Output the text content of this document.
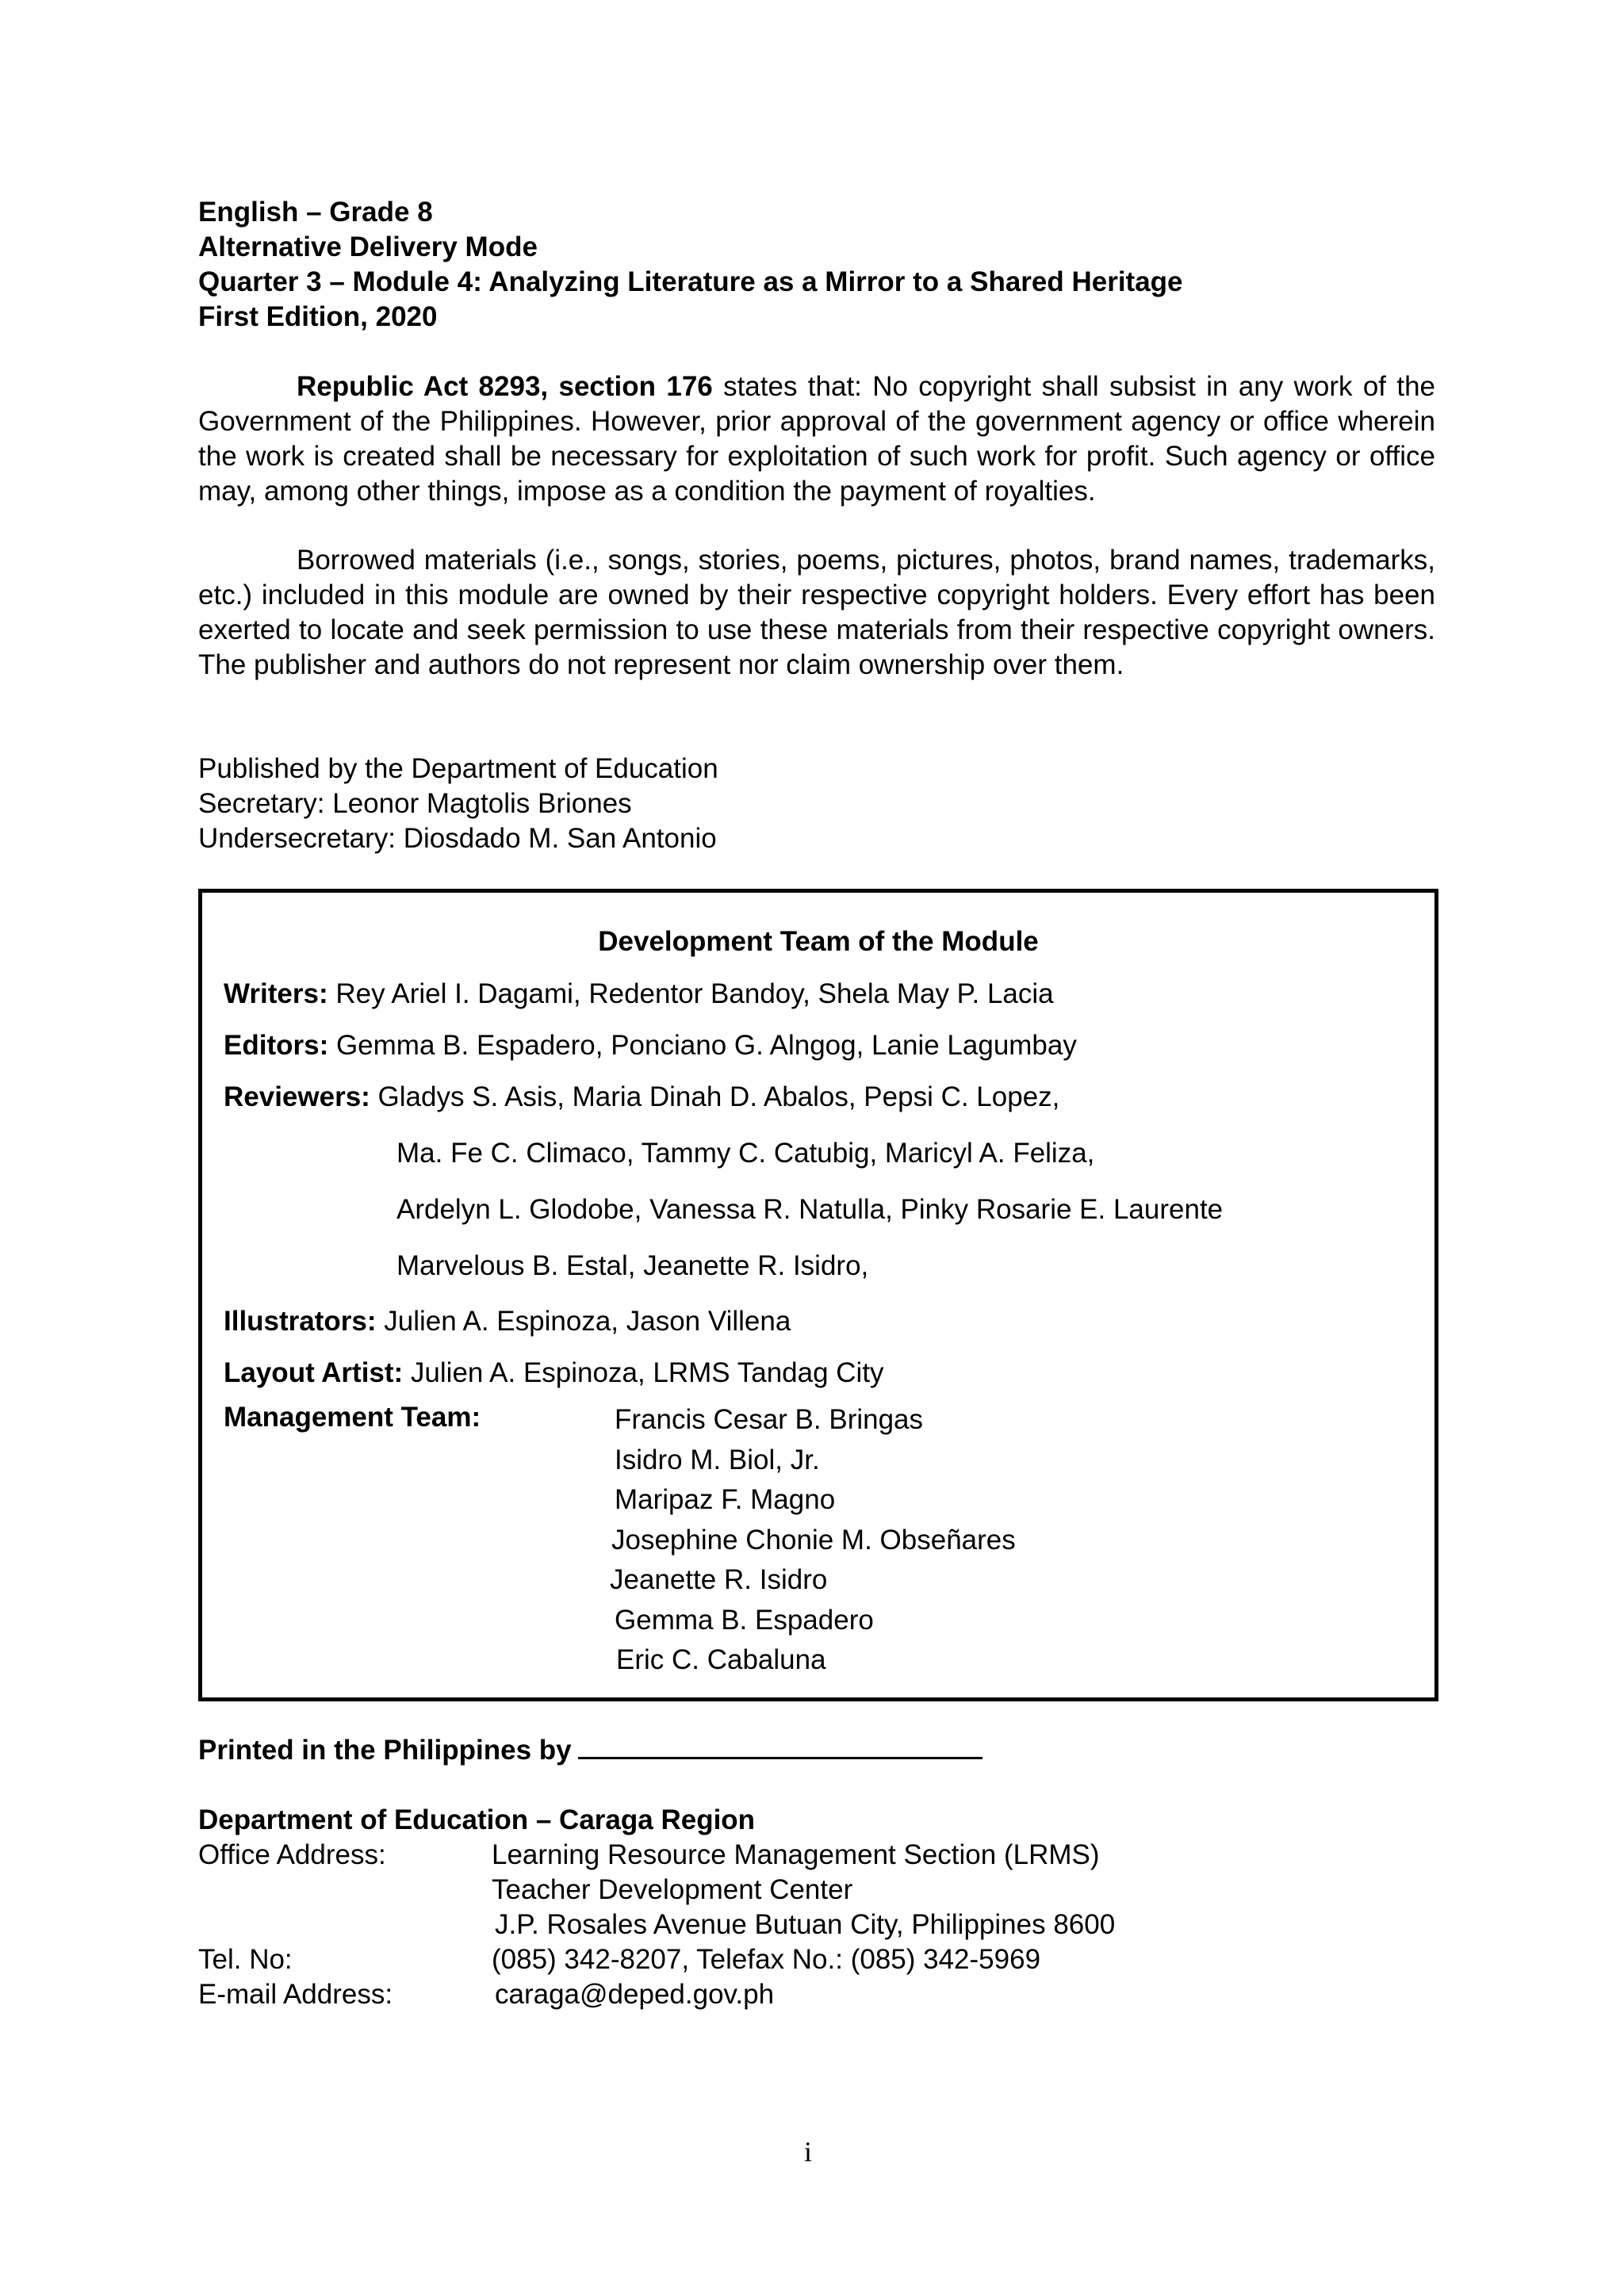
English – Grade 8
Alternative Delivery Mode
Quarter 3 – Module 4: Analyzing Literature as a Mirror to a Shared Heritage
First Edition, 2020
Republic Act 8293, section 176 states that: No copyright shall subsist in any work of the Government of the Philippines. However, prior approval of the government agency or office wherein the work is created shall be necessary for exploitation of such work for profit. Such agency or office may, among other things, impose as a condition the payment of royalties.
Borrowed materials (i.e., songs, stories, poems, pictures, photos, brand names, trademarks, etc.) included in this module are owned by their respective copyright holders. Every effort has been exerted to locate and seek permission to use these materials from their respective copyright owners. The publisher and authors do not represent nor claim ownership over them.
Published by the Department of Education
Secretary: Leonor Magtolis Briones
Undersecretary: Diosdado M. San Antonio
Development Team of the Module
Writers: Rey Ariel I. Dagami, Redentor Bandoy, Shela May P. Lacia
Editors: Gemma B. Espadero, Ponciano G. Alngog, Lanie Lagumbay
Reviewers: Gladys S. Asis, Maria Dinah D. Abalos, Pepsi C. Lopez,
Ma. Fe C. Climaco, Tammy C. Catubig, Maricyl A. Feliza,
Ardelyn L. Glodobe, Vanessa R. Natulla, Pinky Rosarie E. Laurente
Marvelous B. Estal, Jeanette R. Isidro,
Illustrators: Julien A. Espinoza, Jason Villena
Layout Artist: Julien A. Espinoza, LRMS Tandag City
Management Team:	Francis Cesar B. Bringas
Isidro M. Biol, Jr.
Maripaz F. Magno
Josephine Chonie M. Obseñares
Jeanette R. Isidro
Gemma B. Espadero
Eric C. Cabaluna
Printed in the Philippines by
Department of Education – Caraga Region
Office Address:	Learning Resource Management Section (LRMS)
Teacher Development Center
J.P. Rosales Avenue Butuan City, Philippines 8600
Tel. No:	(085) 342-8207, Telefax No.: (085) 342-5969
E-mail Address:	caraga@deped.gov.ph
i
